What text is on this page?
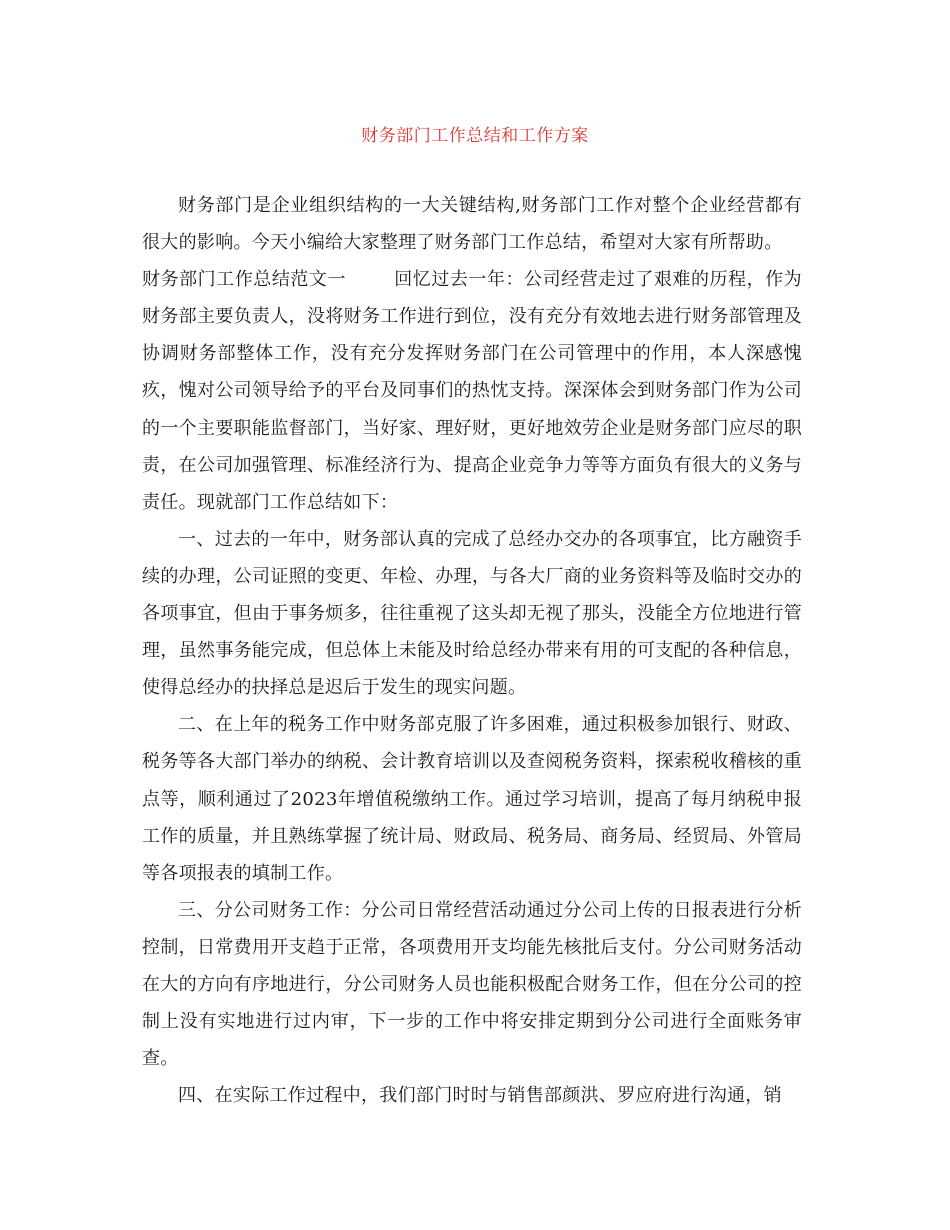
财务部门工作总结和工作方案

财务部门是企业组织结构的一大关键结构,财务部门工作对整个企业经营都有很大的影响。今天小编给大家整理了财务部门工作总结，希望对大家有所帮助。

财务部门工作总结范文一	回忆过去一年：公司经营走过了艰难的历程，作为财务部主要负责人，没将财务工作进行到位，没有充分有效地去进行财务部管理及协调财务部整体工作，没有充分发挥财务部门在公司管理中的作用，本人深感愧疚，愧对公司领导给予的平台及同事们的热忱支持。深深体会到财务部门作为公司的一个主要职能监督部门，当好家、理好财，更好地效劳企业是财务部门应尽的职责，在公司加强管理、标准经济行为、提高企业竞争力等等方面负有很大的义务与责任。现就部门工作总结如下：

一、过去的一年中，财务部认真的完成了总经办交办的各项事宜，比方融资手续的办理，公司证照的变更、年检、办理，与各大厂商的业务资料等及临时交办的各项事宜，但由于事务烦多，往往重视了这头却无视了那头，没能全方位地进行管理，虽然事务能完成，但总体上未能及时给总经办带来有用的可支配的各种信息，使得总经办的抉择总是迟后于发生的现实问题。

二、在上年的税务工作中财务部克服了许多困难，通过积极参加银行、财政、税务等各大部门举办的纳税、会计教育培训以及查阅税务资料，探索税收稽核的重点等，顺利通过了2023年增值税缴纳工作。通过学习培训，提高了每月纳税申报工作的质量，并且熟练掌握了统计局、财政局、税务局、商务局、经贸局、外管局等各项报表的填制工作。

三、分公司财务工作：分公司日常经营活动通过分公司上传的日报表进行分析控制，日常费用开支趋于正常，各项费用开支均能先核批后支付。分公司财务活动在大的方向有序地进行，分公司财务人员也能积极配合财务工作，但在分公司的控制上没有实地进行过内审，下一步的工作中将安排定期到分公司进行全面账务审查。

四、在实际工作过程中，我们部门时时与销售部颜洪、罗应府进行沟通，销
